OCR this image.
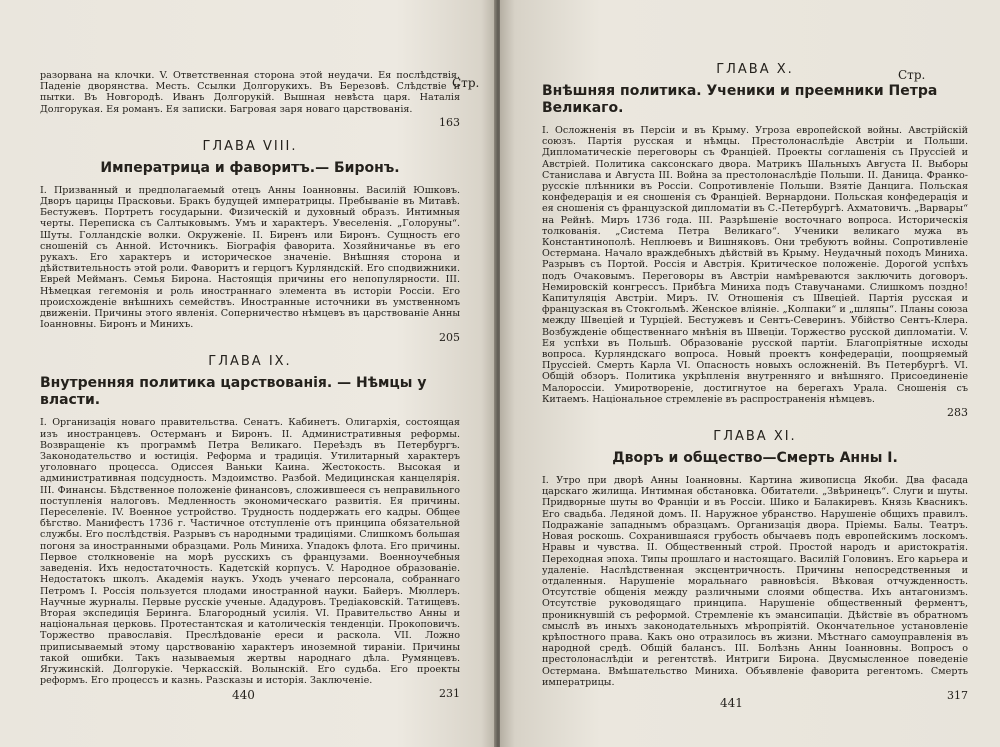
Стр.
разорвана на клочки. V. Ответственная сторона этой неудачи. Ея послѣдствія. Паденіе дворянства. Месть. Ссылки Долгорукихъ. Въ Березовѣ. Слѣдствіе и пытки. Въ Новгородѣ. Иванъ Долгорукій. Вышная невѣста царя. Наталія Долгорукая. Ея романъ. Ея записки. Багровая заря новаго царствованія.
163
ГЛАВА VIII.
Императрица и фаворитъ.— Биронъ.
I. Призванный и предполагаемый отецъ Анны Іоанновны. Василій Юшковъ. Дворъ царицы Прасковьи. Бракъ будущей императрицы. Пребываніе въ Митавѣ. Бестужевъ. Портретъ государыни. Физическій и духовный образъ. Интимныя черты. Переписка съ Салтыковымъ. Умъ и характеръ. Увеселенія. „Голоруны“. Шуты. Голландскіе волки. Окруженіе. II. Биренъ или Биронъ. Сущность его сношеній съ Анной. Источникъ. Біографія фаворита. Хозяйничанье въ его рукахъ. Его характеръ и историческое значеніе. Внѣшняя сторона и дѣйствительность этой роли. Фаворитъ и герцогъ Курляндскій. Его сподвижники. Еврей Мейманъ. Семья Бирона. Настоящія причины его непопулярности. III. Нѣмецкая гегемонія и роль иностраннаго элемента въ исторіи Россіи. Его происхожденіе внѣшнихъ семействъ. Иностранные источники въ умственномъ движеніи. Причины этого явленія. Соперничество нѣмцевъ въ царствованіе Анны Іоанновны. Биронъ и Минихъ.
205
ГЛАВА IX.
Внутренняя политика царствованія. — Нѣмцы у власти.
I. Организація новаго правительства. Сенатъ. Кабинетъ. Олигархія, состоящая изъ иностранцевъ. Остерманъ и Биронъ. II. Административныя реформы. Возвращеніе къ программѣ Петра Великаго. Переѣздъ въ Петербургъ. Законодательство и юстиція. Реформа и традиція. Утилитарный характеръ уголовнаго процесса. Одиссея Ваньки Каина. Жестокость. Высокая и административная подсудность. Мздоимство. Разбой. Медицинская канцелярія. III. Финансы. Бѣдственное положеніе финансовъ, сложившееся съ неправильного поступленія налоговъ. Медленность экономическаго развитія. Ея причины. Переселеніе. IV. Военное устройство. Трудность поддержать его кадры. Общее бѣгство. Манифестъ 1736 г. Частичное отступленіе отъ принципа обязательной службы. Его послѣдствія. Разрывъ съ народными традиціями. Слишкомъ большая погоня за иностранными образцами. Роль Миниха. Упадокъ флота. Его причины. Первое столкновеніе на морѣ русскихъ съ французами. Военноучебныя заведенія. Ихъ недостаточность. Кадетскій корпусъ. V. Народное образованіе. Недостатокъ школъ. Академія наукъ. Уходъ ученаго персонала, собраннаго Петромъ I. Россія пользуется плодами иностранной науки. Байеръ. Мюллеръ. Научные журналы. Первые русскіе ученые. Ададуровъ. Тредіаковскій. Татищевъ. Вторая экспедиція Беринга. Благородный усилія. VI. Правительство Анны и національная церковь. Протестантская и католическія тенденціи. Прокоповичъ. Торжество православія. Преслѣдованіе ереси и раскола. VII. Ложно приписываемый этому царствованію характеръ иноземной тираніи. Причины такой ошибки. Такъ называемыя жертвы народнаго дѣла. Румянцевъ. Ягужинскій. Долгорукіе. Черкасскій. Волынскій. Его судьба. Его проекты реформъ. Его процессъ и казнь. Разсказы и исторія. Заключеніе.
231
440
Стр.
ГЛАВА X.
Внѣшняя политика. Ученики и преемники Петра Великаго.
I. Осложненія въ Персіи и въ Крыму. Угроза европейской войны. Австрійскій союзъ. Партія русская и нѣмцы. Престолонаслѣдіе Австріи и Польши. Дипломатическіе переговоры съ Франціей. Проекты соглашенія съ Пруссіей и Австріей. Политика саксонскаго двора. Матрикъ Шальныхъ Августа II. Выборы Станислава и Августа III. Война за престолонаслѣдіе Польши. II. Даница. Франко-русскіе плѣнники въ Россіи. Сопротивленіе Польши. Взятіе Данцига. Польская конфедерація и ея сношенія съ Франціей. Вернардони. Польская конфедерація и ея сношенія съ французской дипломатіи въ С.-Петербургѣ. Ахматовичъ. „Варвары“ на Рейнѣ. Миръ 1736 года. III. Разрѣшеніе восточнаго вопроса. Историческія толкованія. „Система Петра Великаго“. Ученики великаго мужа въ Константинополѣ. Неплюевъ и Вишняковъ. Они требуютъ войны. Сопротивленіе Остермана. Начало враждебныхъ дѣйствій въ Крыму. Неудачный походъ Миниха. Разрывъ съ Портой. Россія и Австрія. Критическое положеніе. Дорогой успѣхъ подъ Очаковымъ. Переговоры въ Австріи намѣреваются заключить договоръ. Немировскій конгрессъ. Прибѣга Миниха подъ Ставучанами. Слишкомъ поздно! Капитуляція Австріи. Миръ. IV. Отношенія съ Швеціей. Партія русская и французская въ Стокгольмѣ. Женское вліяніе. „Колпаки“ и „шляпы“. Планы союза между Швеціей и Турціей. Бестужевъ и Сентъ-Северинъ. Убійство Сентъ-Клера. Возбужденіе общественнаго мнѣнія въ Швеціи. Торжество русской дипломатіи. V. Ея успѣхи въ Польшѣ. Образованіе русской партіи. Благопріятные исходы вопроса. Курляндскаго вопроса. Новый проектъ конфедераціи, поощряемый Пруссіей. Смерть Карла VI. Опасность новыхъ осложненій. Въ Петербургѣ. VI. Общій обзоръ. Политика укрѣпленія внутренняго и внѣшняго. Присоединеніе Малороссіи. Умиротвореніе, достигнутое на берегахъ Урала. Сношенія съ Китаемъ. Національное стремленіе въ распространенія нѣмцевъ.
283
ГЛАВА XI.
Дворъ и общество—Смерть Анны I.
I. Утро при дворѣ Анны Іоанновны. Картина живописца Якоби. Два фасада царскаго жилища. Интимная обстановка. Обитатели. „Звѣринецъ“. Слуги и шуты. Придворные шуты во Франціи и въ Россіи. Шико и Балакиревъ. Князь Квасникъ. Его свадьба. Ледяной домъ. II. Наружное убранство. Нарушеніе общихъ правилъ. Подражаніе западнымъ образцамъ. Организація двора. Пріемы. Балы. Театръ. Новая роскошь. Сохранившаяся грубость обычаевъ подъ европейскимъ лоскомъ. Нравы и чувства. II. Общественный строй. Простой народъ и аристократія. Переходная эпоха. Типы прошлаго и настоящаго. Василій Головинъ. Его карьера и удаленіе. Наслѣдственная эксцентричность. Причины непосредственныя и отдаленныя. Нарушеніе моральнаго равновѣсія. Вѣковая отчужденность. Отсутствіе общенія между различными слоями общества. Ихъ антагонизмъ. Отсутствіе руководящаго принципа. Нарушеніе общественный ферментъ, проникнувшій съ реформой. Стремленіе къ эмансипаціи. Дѣйствіе въ обратномъ смыслѣ въ иныхъ законодательныхъ мѣропріятій. Окончательное установленіе крѣпостного права. Какъ оно отразилось въ жизни. Мѣстнаго самоуправленія въ народной средѣ. Общій балансъ. III. Болѣзнь Анны Іоанновны. Вопросъ о престолонаслѣдіи и регентствѣ. Интриги Бирона. Двусмысленное поведеніе Остермана. Вмѣшательство Миниха. Объявленіе фаворита регентомъ. Смерть императрицы.
317
441
